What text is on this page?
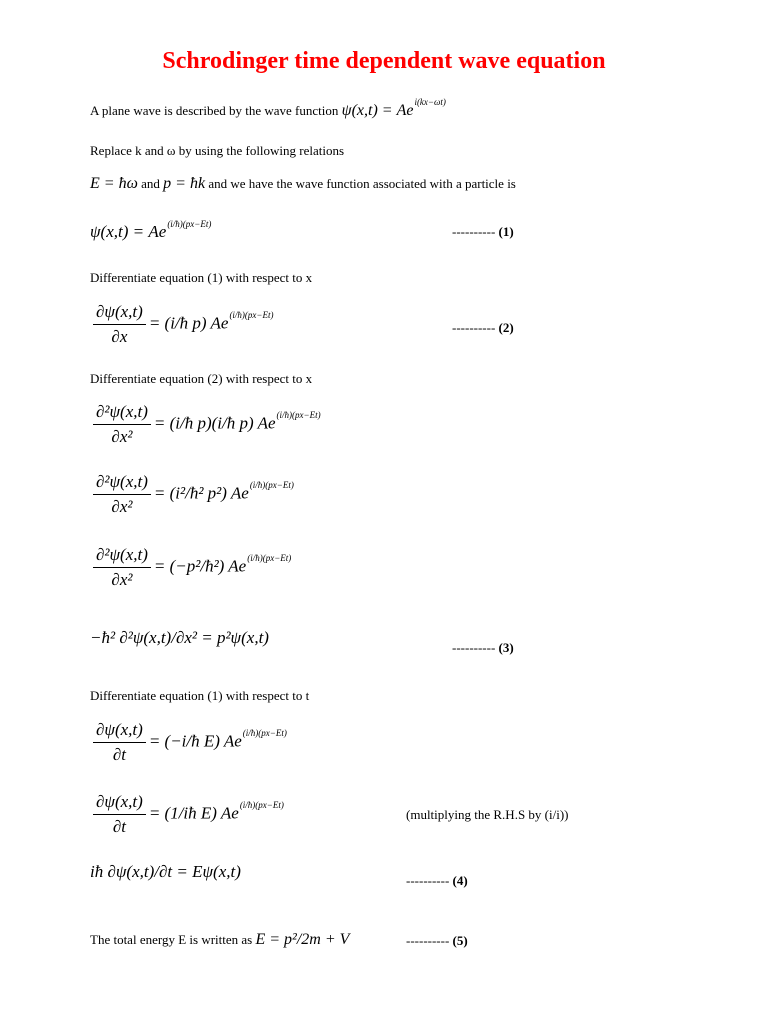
Schrodinger time dependent wave equation
A plane wave is described by the wave function $\psi(x,t) = Ae^{i(kx-\omega t)}$
Replace k and ω by using the following relations
E = ħω and p = ħk and we have the wave function associated with a particle is
$\psi(x,t) = Ae^{(i/ħ)(px-Et)}$	---------- (1)
Differentiate equation (1) with respect to x
$\frac{\partial\psi(x,t)}{\partial x}$ = (i/ħ p) $Ae^{(i/ħ)(px-Et)}$
---------- (2)
Differentiate equation (2) with respect to x
$\frac{\text{∂²ψ(x,t)}}{\text{∂x²}}$ = (i/ħ p)(i/ħ p) $Ae^{(i/ħ)(px-Et)}$
$\frac{\text{∂²ψ(x,t)}}{\text{∂x²}}$ = (i²/ħ² p²) $Ae^{(i/ħ)(px-Et)}$
$\frac{\text{∂²ψ(x,t)}}{\text{∂x²}}$ = (−p²/ħ²) $Ae^{(i/ħ)(px-Et)}$
−ħ² ∂²ψ(x,t)/∂x² = p²ψ(x,t)
---------- (3)
Differentiate equation (1) with respect to t
$\frac{\partial\psi(x,t)}{\partial t}$ = (−i/ħ E) $Ae^{(i/ħ)(px-Et)}$
$\frac{\partial\psi(x,t)}{\partial t}$ = (1/iħ E) $Ae^{(i/ħ)(px-Et)}$
(multiplying the R.H.S by (i/i))
iħ ∂ψ(x,t)/∂t = Eψ(x,t)	---------- (4)
The total energy E is written as E = p²/2m + V	---------- (5)
